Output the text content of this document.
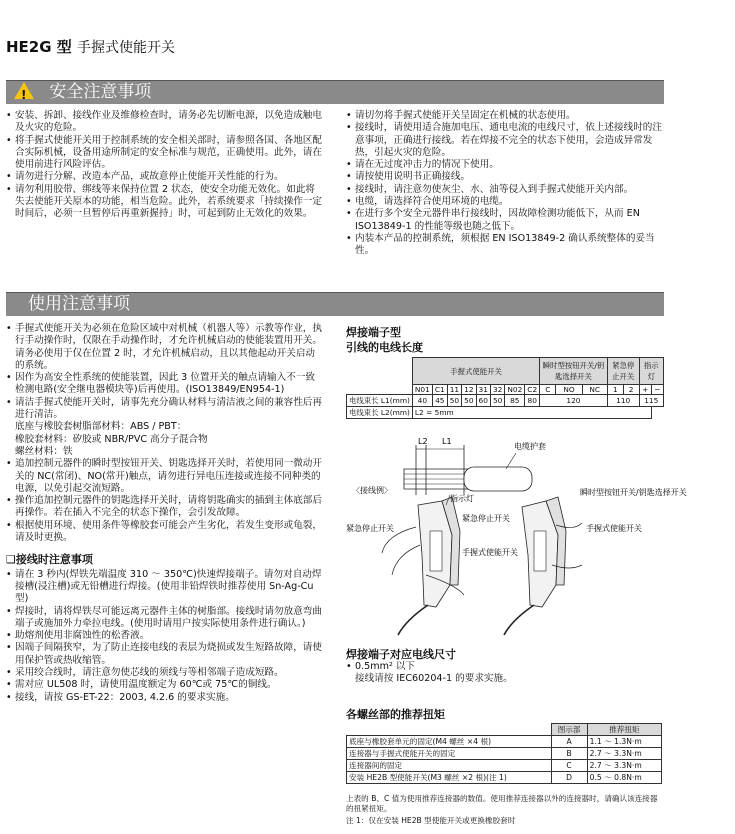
HE2G 型 手握式使能开关
! 安全注意事项
• 安装、拆卸、接线作业及维修检查时，请务必先切断电源，以免造成触电及火灾的危险。
• 将手握式使能开关用于控制系统的安全相关部时，请参照各国、各地区配合实际机械，设备用途所制定的安全标准与规范，正确使用。此外，请在使用前进行风险评估。
• 请勿进行分解、改造本产品，或故意停止使能开关性能的行为。
• 请勿利用胶带、绑线等来保持位置 2 状态，使安全功能无效化。如此将失去使能开关原本的功能，相当危险。此外，若系统要求「持续操作一定时间后，必须一旦暂停后再重新握持」时，可起到防止无效化的效果。
• 请切勿将手握式使能开关呈固定在机械的状态使用。
• 接线时，请使用适合施加电压、通电电流的电线尺寸，依上述接线时的注意事项，正确进行接线。若在焊接不完全的状态下使用，会造成异常发热，引起火灾的危险。
• 请在无过度冲击力的情况下使用。
• 请按使用说明书正确接线。
• 接线时，请注意勿使灰尘、水、油等侵入到手握式使能开关内部。
• 电缆，请选择符合使用环境的电缆。
• 在进行多个安全元器件串行接线时，因故障检测功能低下，从而 EN ISO13849-1 的性能等级也随之低下。
• 内装本产品的控制系统，须根据 EN ISO13849-2 确认系统整体的妥当性。
使用注意事项
• 手握式使能开关为必须在危险区域中对机械（机器人等）示教等作业，执行手动操作时，仅限在手动操作时，才允许机械启动的使能装置用开关。请务必使用于仅在位置 2 时，才允许机械启动，且以其他起动开关启动的系统。
• 因作为高安全性系统的使能装置，因此 3 位置开关的触点请输入不一致检测电路(安全继电器模块等)后再使用。(ISO13849/EN954-1)
• 请洁手握式使能开关时，请事先充分确认材料与清洁液之间的兼容性后再进行清洁。

底座与橡胶套树脂部材料：ABS / PBT：

橡胶套材料：矽胶或 NBR/PVC 高分子混合物

螺丝材料：铁

• 追加控制元器件的瞬时型按钮开关、钥匙选择开关时，若使用同一微动开关的 NC(常闭)、NO(常开)触点，请勿进行异电压连接或连接不同种类的电源，以免引起交流短路。
• 操作追加控制元器件的钥匙选择开关时，请将钥匙确实的插到主体底部后再操作。若在插入不完全的状态下操作，会引发故障。
• 根据使用环境、使用条件等橡胶套可能会产生劣化，若发生变形或龟裂，请及时更换。
❑接线时注意事项
• 请在 3 秒内(焊铁先端温度 310 ～ 350℃)快速焊接端子。请勿对自动焊接槽(浸注槽)或无铅槽进行焊接。(使用非铅焊铁时推荐使用 Sn-Ag-Cu 型)
• 焊接时，请将焊铁尽可能远离元器件主体的树脂部。接线时请勿放意弯曲端子或施加外力牵拉电线。(使用时请用户按实际使用条件进行确认。)
• 助熔剂使用非腐蚀性的松香液。
• 因端子间隔狭窄，为了防止连接电线的表层为烧损或发生短路故障，请使用保护管或热收缩管。
• 采用绞合线时，请注意勿使芯线的须线与等相邻端子造成短路。
• 需对应 UL508 时，请使用温度额定为 60℃或 75℃的铜线。
• 接线，请按 GS-ET-22：2003, 4.2.6 的要求实施。
焊接端子型
引线的电线长度
	手握式使能开关								瞬时型按钮开关/钥匙选择开关			紧急停止开关		指示灯	
	N01	C1	11	12	31	32	N02	C2	C	NO	NC	1	2	+	−
电线束长 L1(mm)	40	45	50	50	60	50	85	80	120			110		115	
电线束长 L2(mm)	L2 = 5mm														
L2 L1
电缆护套
〈接线例〉
指示灯
紧急停止开关
紧急停止开关
手握式使能开关
瞬时型按钮开关/钥匙选择开关
手握式使能开关
焊接端子对应电线尺寸
• 0.5mm² 以下

接线请按 IEC60204-1 的要求实施。

各螺丝部的推荐扭矩
	图示部	推荐扭矩
底座与橡胶套单元的固定(M4 螺丝 ×4 根)	A	1.1 ～ 1.3N·m
连接器与手握式使能开关的固定	B	2.7 ～ 3.3N·m
连接器间的固定	C	2.7 ～ 3.3N·m
安装 HE2B 型使能开关(M3 螺丝 ×2 根)(注 1)	D	0.5 ～ 0.8N·m
上表的 B、C 值为使用推荐连接器的数值。使用推荐连接器以外的连接器时，请确认该连接器的扭紧扭矩。
注 1：仅在安装 HE2B 型使能开关或更换橡胶套时
